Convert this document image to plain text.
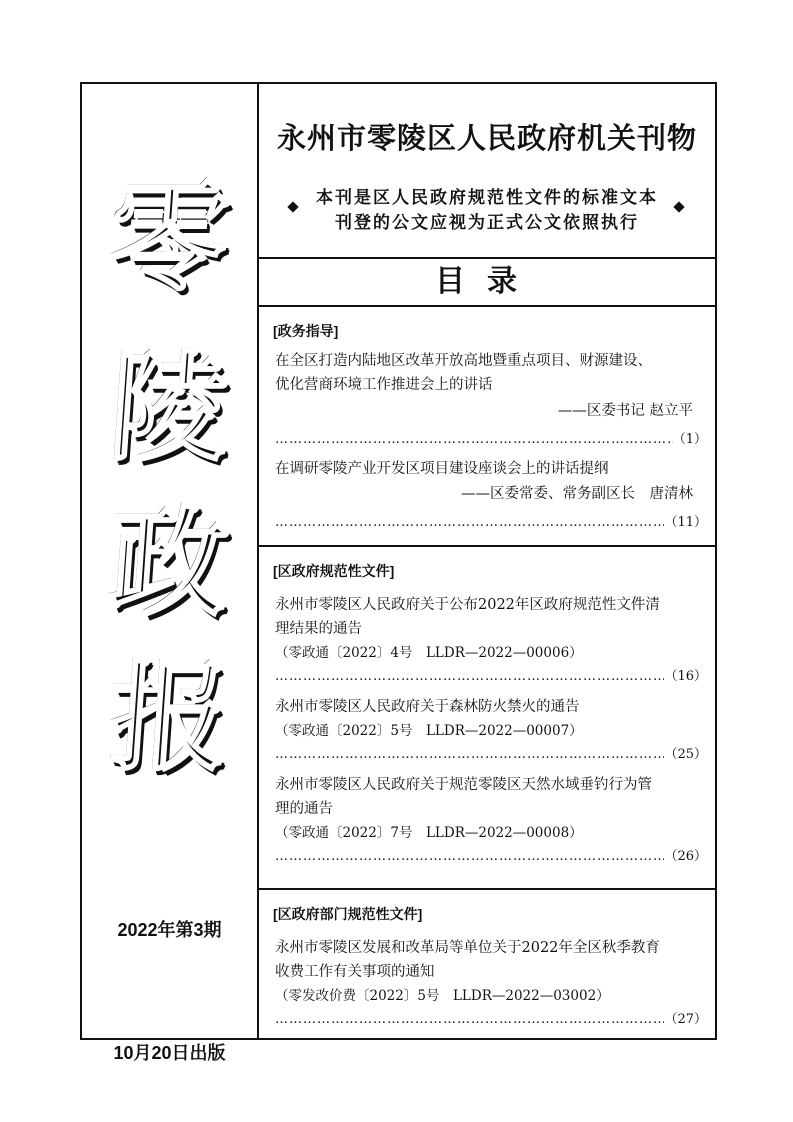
零
陵
政
报
2022年第3期
10月20日出版
永州市零陵区人民政府机关刊物
本刊是区人民政府规范性文件的标准文本
刊登的公文应视为正式公文依照执行
目录
[政务指导]
在全区打造内陆地区改革开放高地暨重点项目、财源建设、
优化营商环境工作推进会上的讲话
——区委书记 赵立平
……………………………………………………………………………………………………………………………………………………………………
（1）
在调研零陵产业开发区项目建设座谈会上的讲话提纲
——区委常委、常务副区长　唐清林
……………………………………………………………………………………………………………………………………………………………………
（11）
[区政府规范性文件]
永州市零陵区人民政府关于公布2022年区政府规范性文件清
理结果的通告
（零政通〔2022〕4号　LLDR—2022—00006）
……………………………………………………………………………………………………………………………………………………………………
（16）
永州市零陵区人民政府关于森林防火禁火的通告
（零政通〔2022〕5号　LLDR—2022—00007）
……………………………………………………………………………………………………………………………………………………………………
（25）
永州市零陵区人民政府关于规范零陵区天然水域垂钓行为管
理的通告
（零政通〔2022〕7号　LLDR—2022—00008）
……………………………………………………………………………………………………………………………………………………………………
（26）
[区政府部门规范性文件]
永州市零陵区发展和改革局等单位关于2022年全区秋季教育
收费工作有关事项的通知
（零发改价费〔2022〕5号　LLDR—2022—03002）
……………………………………………………………………………………………………………………………………………………………………
（27）
